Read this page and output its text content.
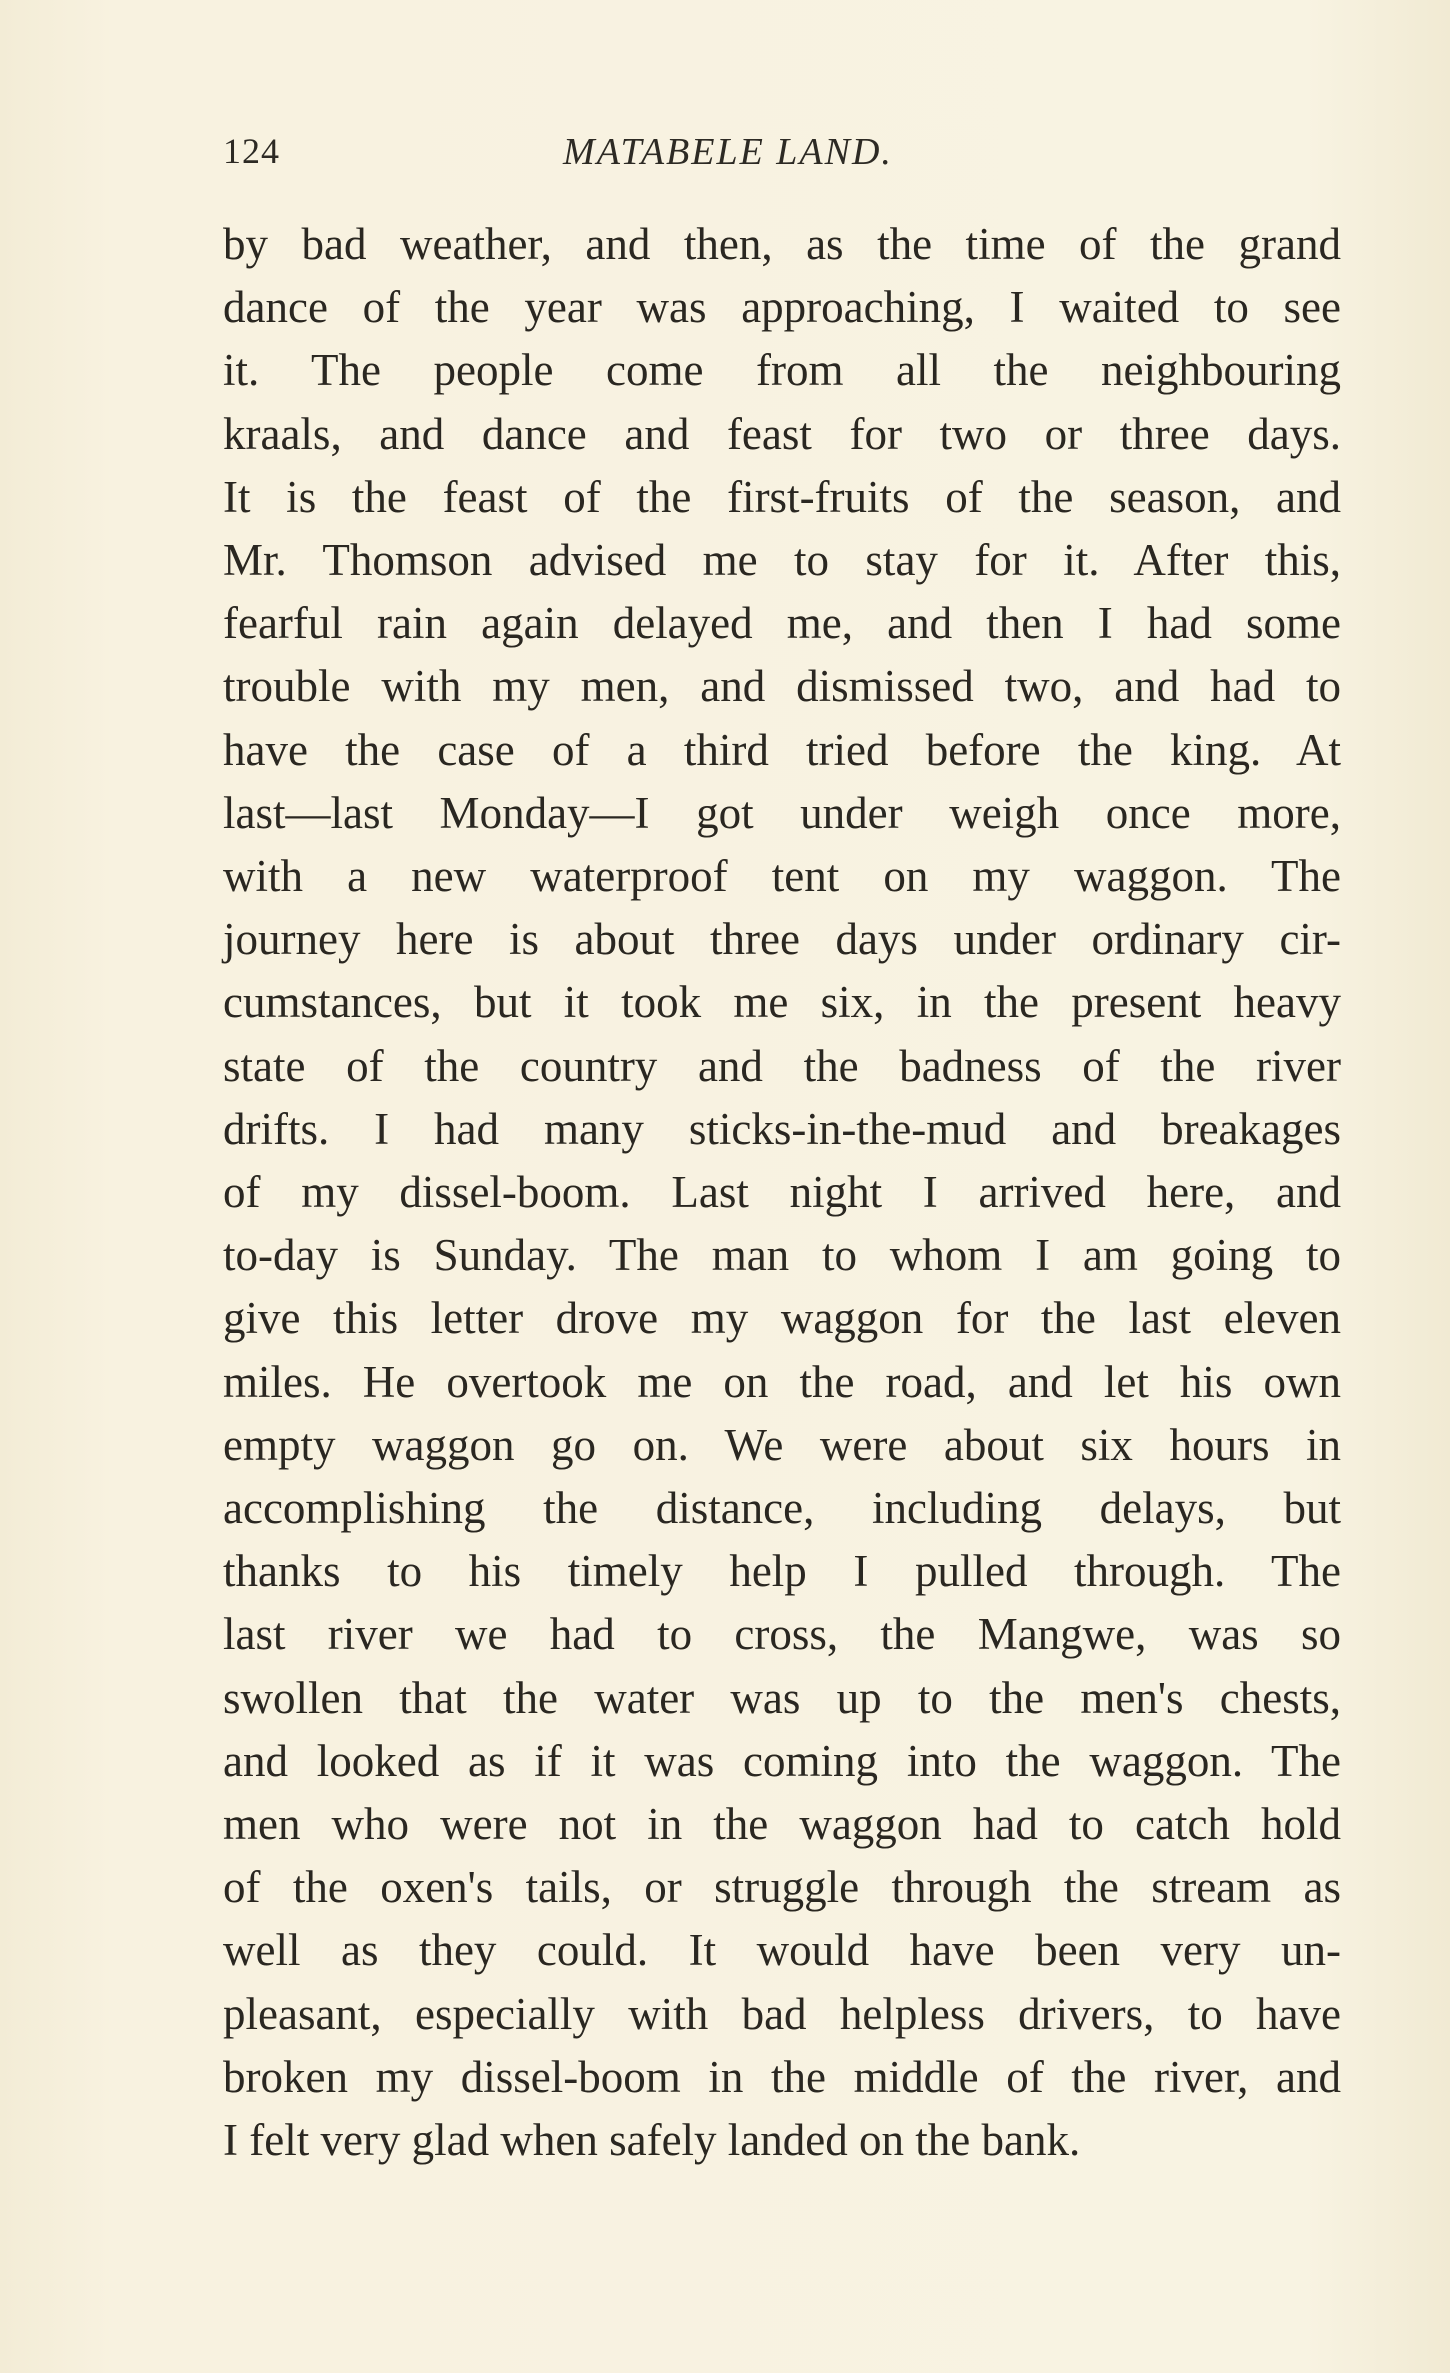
124	MATABELE LAND.
by bad weather, and then, as the time of the grand
dance of the year was approaching, I waited to see
it. The people come from all the neighbouring
kraals, and dance and feast for two or three days.
It is the feast of the first-fruits of the season, and
Mr. Thomson advised me to stay for it. After this,
fearful rain again delayed me, and then I had some
trouble with my men, and dismissed two, and had to
have the case of a third tried before the king. At
last—last Monday—I got under weigh once more,
with a new waterproof tent on my waggon. The
journey here is about three days under ordinary cir-
cumstances, but it took me six, in the present heavy
state of the country and the badness of the river
drifts. I had many sticks-in-the-mud and breakages
of my dissel-boom. Last night I arrived here, and
to-day is Sunday. The man to whom I am going to
give this letter drove my waggon for the last eleven
miles. He overtook me on the road, and let his own
empty waggon go on. We were about six hours in
accomplishing the distance, including delays, but
thanks to his timely help I pulled through. The
last river we had to cross, the Mangwe, was so
swollen that the water was up to the men's chests,
and looked as if it was coming into the waggon. The
men who were not in the waggon had to catch hold
of the oxen's tails, or struggle through the stream as
well as they could. It would have been very un-
pleasant, especially with bad helpless drivers, to have
broken my dissel-boom in the middle of the river, and
I felt very glad when safely landed on the bank.
